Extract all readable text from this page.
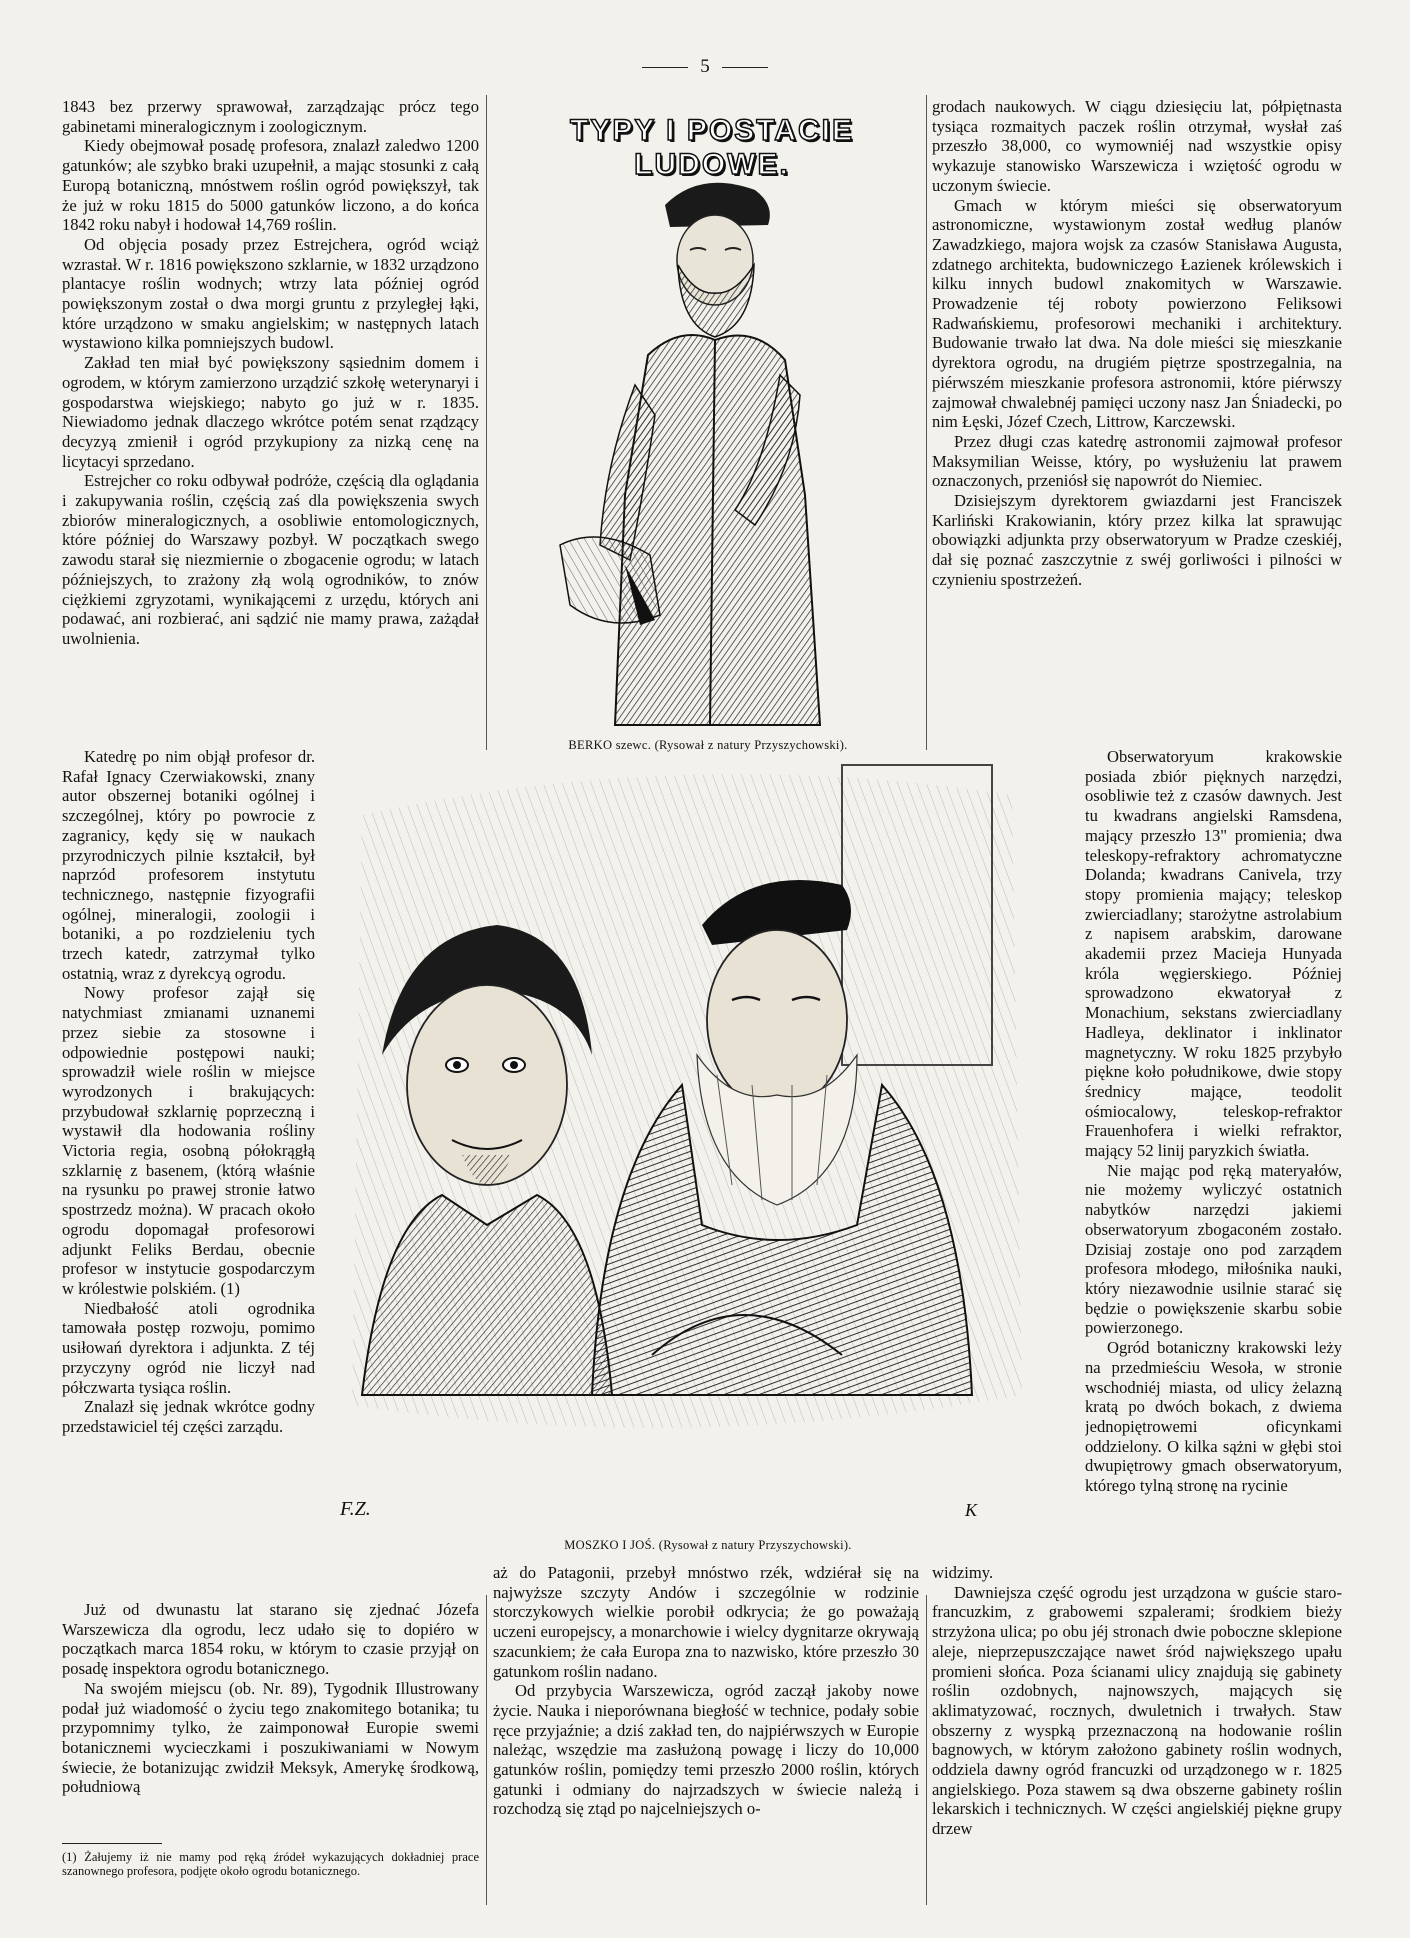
5

1843 bez przerwy sprawował, zarządzając prócz tego gabinetami mineralogicznym i zoologicznym.

Kiedy obejmował posadę profesora, znalazł zaledwo 1200 gatunków; ale szybko braki uzupełnił, a mając stosunki z całą Europą botaniczną, mnóstwem roślin ogród powiększył, tak że już w roku 1815 do 5000 gatunków liczono, a do końca 1842 roku nabył i hodował 14,769 roślin.

Od objęcia posady przez Estrejchera, ogród wciąż wzrastał. W r. 1816 powiększono szklarnie, w 1832 urządzono plantacye roślin wodnych; wtrzy lata później ogród powiększonym został o dwa morgi gruntu z przyległej łąki, które urządzono w smaku angielskim; w następnych latach wystawiono kilka pomniejszych budowl.

Zakład ten miał być powiększony sąsiednim domem i ogrodem, w którym zamierzono urządzić szkołę weterynaryi i gospodarstwa wiejskiego; nabyto go już w r. 1835. Niewiadomo jednak dlaczego wkrótce potém senat rządzący decyzyą zmienił i ogród przykupiony za nizką cenę na licytacyi sprzedano.

Estrejcher co roku odbywał podróże, częścią dla oglądania i zakupywania roślin, częścią zaś dla powiększenia swych zbiorów mineralogicznych, a osobliwie entomologicznych, które później do Warszawy pozbył. W początkach swego zawodu starał się niezmiernie o zbogacenie ogrodu; w latach późniejszych, to zrażony złą wolą ogrodników, to znów ciężkiemi zgryzotami, wynikającemi z urzędu, których ani podawać, ani rozbierać, ani sądzić nie mamy prawa, zażądał uwolnienia.

Katedrę po nim objął profesor dr. Rafał Ignacy Czerwiakowski, znany autor obszernej botaniki ogólnej i szczególnej, który po powrocie z zagranicy, kędy się w naukach przyrodniczych pilnie kształcił, był naprzód profesorem instytutu technicznego, następnie fizyografii ogólnej, mineralogii, zoologii i botaniki, a po rozdzieleniu tych trzech katedr, zatrzymał tylko ostatnią, wraz z dyrekcyą ogrodu.

Nowy profesor zajął się natychmiast zmianami uznanemi przez siebie za stosowne i odpowiednie postępowi nauki; sprowadził wiele roślin w miejsce wyrodzonych i brakujących: przybudował szklarnię poprzeczną i wystawił dla hodowania rośliny Victoria regia, osobną półokrągłą szklarnię z basenem, (którą właśnie na rysunku po prawej stronie łatwo spostrzedz można). W pracach około ogrodu dopomagał profesorowi adjunkt Feliks Berdau, obecnie profesor w instytucie gospodarczym w królestwie polskiém. (1)

Niedbałość atoli ogrodnika tamowała postęp rozwoju, pomimo usiłowań dyrektora i adjunkta. Z téj przyczyny ogród nie liczył nad półczwarta tysiąca roślin.

Znalazł się jednak wkrótce godny przedstawiciel téj części zarządu.

Już od dwunastu lat starano się zjednać Józefa Warszewicza dla ogrodu, lecz udało się to dopiéro w początkach marca 1854 roku, w którym to czasie przyjął on posadę inspektora ogrodu botanicznego.

Na swojém miejscu (ob. Nr. 89), Tygodnik Illustrowany podał już wiadomość o życiu tego znakomitego botanika; tu przypomnimy tylko, że zaimponował Europie swemi botanicznemi wycieczkami i poszukiwaniami w Nowym świecie, że botanizując zwidził Meksyk, Amerykę środkową, południową

(1) Żałujemy iż nie mamy pod ręką źródeł wykazujących dokładniej prace szanownego profesora, podjęte około ogrodu botanicznego.
TYPY I POSTACIE LUDOWE.
BERKO szewc. (Rysował z natury Przyszychowski).
F.Z.	K
MOSZKO I JOŚ. (Rysował z natury Przyszychowski).

aż do Patagonii, przebył mnóstwo rzék, wdziérał się na najwyższe szczyty Andów i szczególnie w rodzinie storczykowych wielkie porobił odkrycia; że go poważają uczeni europejscy, a monarchowie i wielcy dygnitarze okrywają szacunkiem; że cała Europa zna to nazwisko, które przeszło 30 gatunkom roślin nadano.

Od przybycia Warszewicza, ogród zaczął jakoby nowe życie. Nauka i nieporównana biegłość w technice, podały sobie ręce przyjaźnie; a dziś zakład ten, do najpiérwszych w Europie należąc, wszędzie ma zasłużoną powagę i liczy do 10,000 gatunków roślin, pomiędzy temi przeszło 2000 roślin, których gatunki i odmiany do najrzadszych w świecie należą i rozchodzą się ztąd po najcelniejszych o-

grodach naukowych. W ciągu dziesięciu lat, półpiętnasta tysiąca rozmaitych paczek roślin otrzymał, wysłał zaś przeszło 38,000, co wymowniéj nad wszystkie opisy wykazuje stanowisko Warszewicza i wziętość ogrodu w uczonym świecie.

Gmach w którym mieści się obserwatoryum astronomiczne, wystawionym został według planów Zawadzkiego, majora wojsk za czasów Stanisława Augusta, zdatnego architekta, budowniczego Łazienek królewskich i kilku innych budowl znakomitych w Warszawie. Prowadzenie téj roboty powierzono Feliksowi Radwańskiemu, profesorowi mechaniki i architektury. Budowanie trwało lat dwa. Na dole mieści się mieszkanie dyrektora ogrodu, na drugiém piętrze spostrzegalnia, na piérwszém mieszkanie profesora astronomii, które piérwszy zajmował chwalebnéj pamięci uczony nasz Jan Śniadecki, po nim Łęski, Józef Czech, Littrow, Karczewski.

Przez długi czas katedrę astronomii zajmował profesor Maksymilian Weisse, który, po wysłużeniu lat prawem oznaczonych, przeniósł się napowrót do Niemiec.

Dzisiejszym dyrektorem gwiazdarni jest Franciszek Karliński Krakowianin, który przez kilka lat sprawując obowiązki adjunkta przy obserwatoryum w Pradze czeskiéj, dał się poznać zaszczytnie z swéj gorliwości i pilności w czynieniu spostrzeżeń.

Obserwatoryum krakowskie posiada zbiór pięknych narzędzi, osobliwie też z czasów dawnych. Jest tu kwadrans angielski Ramsdena, mający przeszło 13" promienia; dwa teleskopy-refraktory achromatyczne Dolanda; kwadrans Canivela, trzy stopy promienia mający; teleskop zwierciadlany; starożytne astrolabium z napisem arabskim, darowane akademii przez Macieja Hunyada króla węgierskiego. Później sprowadzono ekwatoryał z Monachium, sekstans zwierciadlany Hadleya, deklinator i inklinator magnetyczny. W roku 1825 przybyło piękne koło południkowe, dwie stopy średnicy mające, teodolit ośmiocalowy, teleskop-refraktor Frauenhofera i wielki refraktor, mający 52 linij paryzkich światła.

Nie mając pod ręką materyałów, nie możemy wyliczyć ostatnich nabytków narzędzi jakiemi obserwatoryum zbogaconém zostało. Dzisiaj zostaje ono pod zarządem profesora młodego, miłośnika nauki, który niezawodnie usilnie starać się będzie o powiększenie skarbu sobie powierzonego.

Ogród botaniczny krakowski leży na przedmieściu Wesoła, w stronie wschodniéj miasta, od ulicy żelazną kratą po dwóch bokach, z dwiema jednopiętrowemi oficynkami oddzielony. O kilka sążni w głębi stoi dwupiętrowy gmach obserwatoryum, którego tylną stronę na rycinie

widzimy.

Dawniejsza część ogrodu jest urządzona w guście staro-francuzkim, z grabowemi szpalerami; środkiem bieży strzyżona ulica; po obu jéj stronach dwie poboczne sklepione aleje, nieprzepuszczające nawet śród największego upału promieni słońca. Poza ścianami ulicy znajdują się gabinety roślin ozdobnych, najnowszych, mających się aklimatyzować, rocznych, dwuletnich i trwałych. Staw obszerny z wyspką przeznaczoną na hodowanie roślin bagnowych, w którym założono gabinety roślin wodnych, oddziela dawny ogród francuzki od urządzonego w r. 1825 angielskiego. Poza stawem są dwa obszerne gabinety roślin lekarskich i technicznych. W części angielskiéj piękne grupy drzew
